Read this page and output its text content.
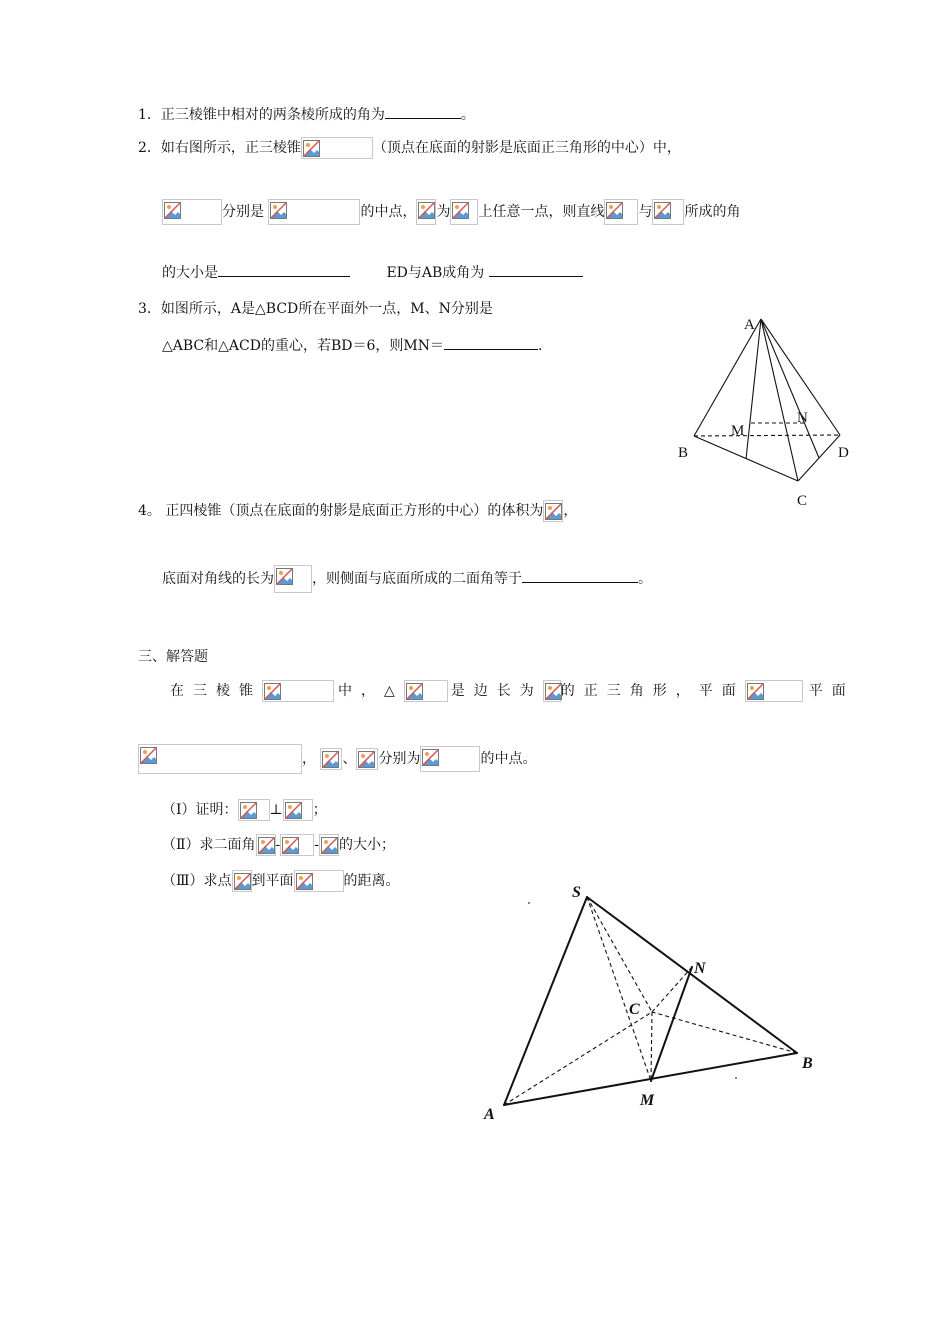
1．正三棱锥中相对的两条棱所成的角为	。
2．如右图所示，正三棱锥	（顶点在底面的射影是底面正三角形的中心）中，
分别是	的中点， 为 上任意一点，则直线 与 所成的角
的大小是	ED与AB成角为
3．如图所示，A是△BCD所在平面外一点，M、N分别是
△ABC和△ACD的重心，若BD＝6，则MN＝	.
A
N
M
B	D
C
4。 正四棱锥（顶点在底面的射影是底面正方形的中心）的体积为 ，
底面对角线的长为	，则侧面与底面所成的二面角等于	。
三、解答题
在三棱锥	中，△	是边长为 的正三角形，平面	平面
， 、 分别为	的中点。
（Ⅰ）证明： ⊥ ；
（Ⅱ）求二面角 - - 的大小；
（Ⅲ）求点 到平面	的距离。
S
N
C
B
A
M
